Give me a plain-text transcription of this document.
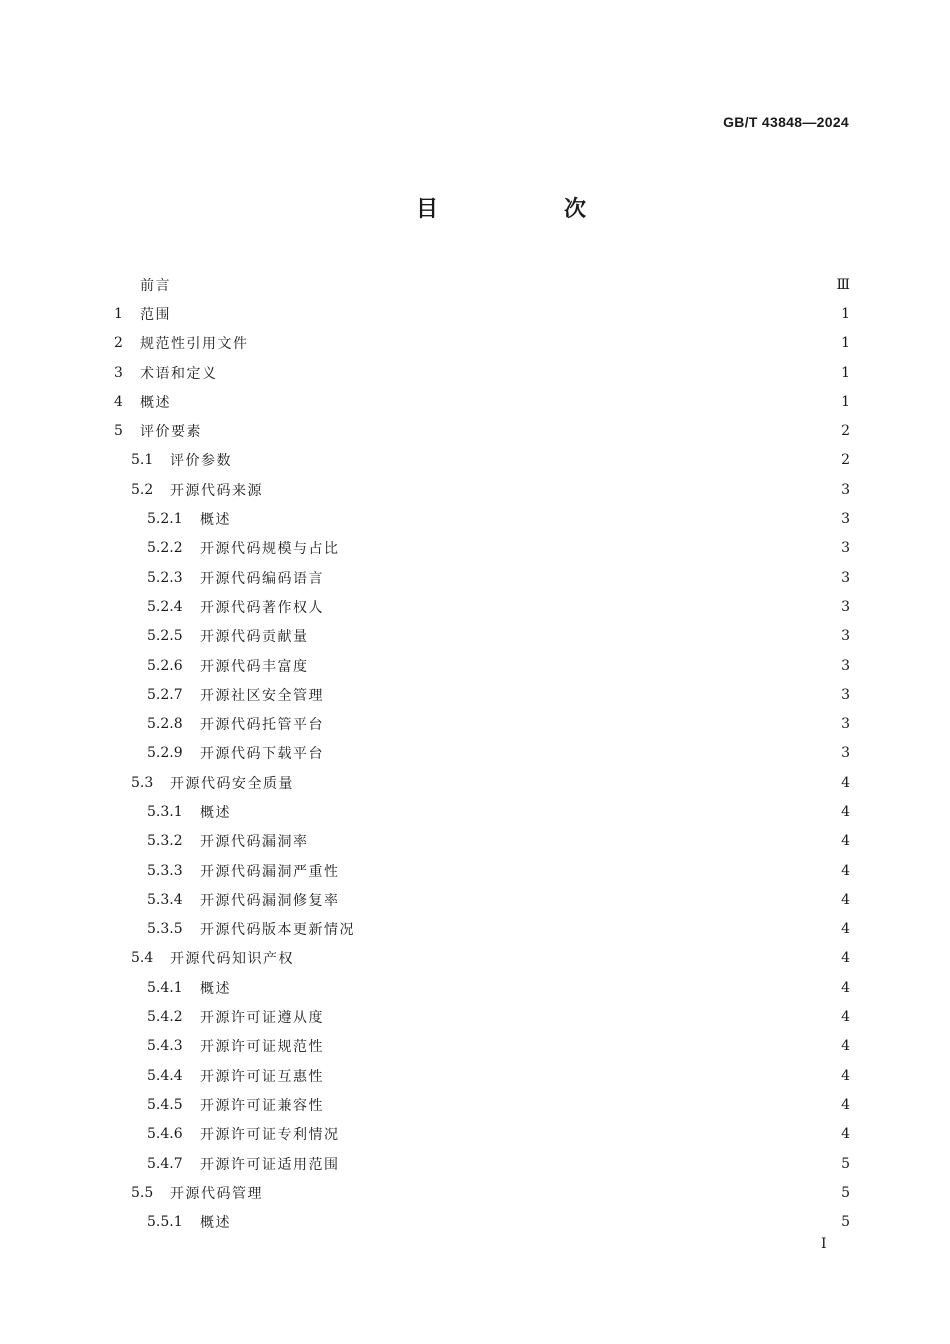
GB/T 43848—2024
目　次
前言	Ⅲ
1	范围	1
2	规范性引用文件	1
3	术语和定义	1
4	概述	1
5	评价要素	2
5.1	评价参数	2
5.2	开源代码来源	3
5.2.1	概述	3
5.2.2	开源代码规模与占比	3
5.2.3	开源代码编码语言	3
5.2.4	开源代码著作权人	3
5.2.5	开源代码贡献量	3
5.2.6	开源代码丰富度	3
5.2.7	开源社区安全管理	3
5.2.8	开源代码托管平台	3
5.2.9	开源代码下载平台	3
5.3	开源代码安全质量	4
5.3.1	概述	4
5.3.2	开源代码漏洞率	4
5.3.3	开源代码漏洞严重性	4
5.3.4	开源代码漏洞修复率	4
5.3.5	开源代码版本更新情况	4
5.4	开源代码知识产权	4
5.4.1	概述	4
5.4.2	开源许可证遵从度	4
5.4.3	开源许可证规范性	4
5.4.4	开源许可证互惠性	4
5.4.5	开源许可证兼容性	4
5.4.6	开源许可证专利情况	4
5.4.7	开源许可证适用范围	5
5.5	开源代码管理	5
5.5.1	概述	5
I
